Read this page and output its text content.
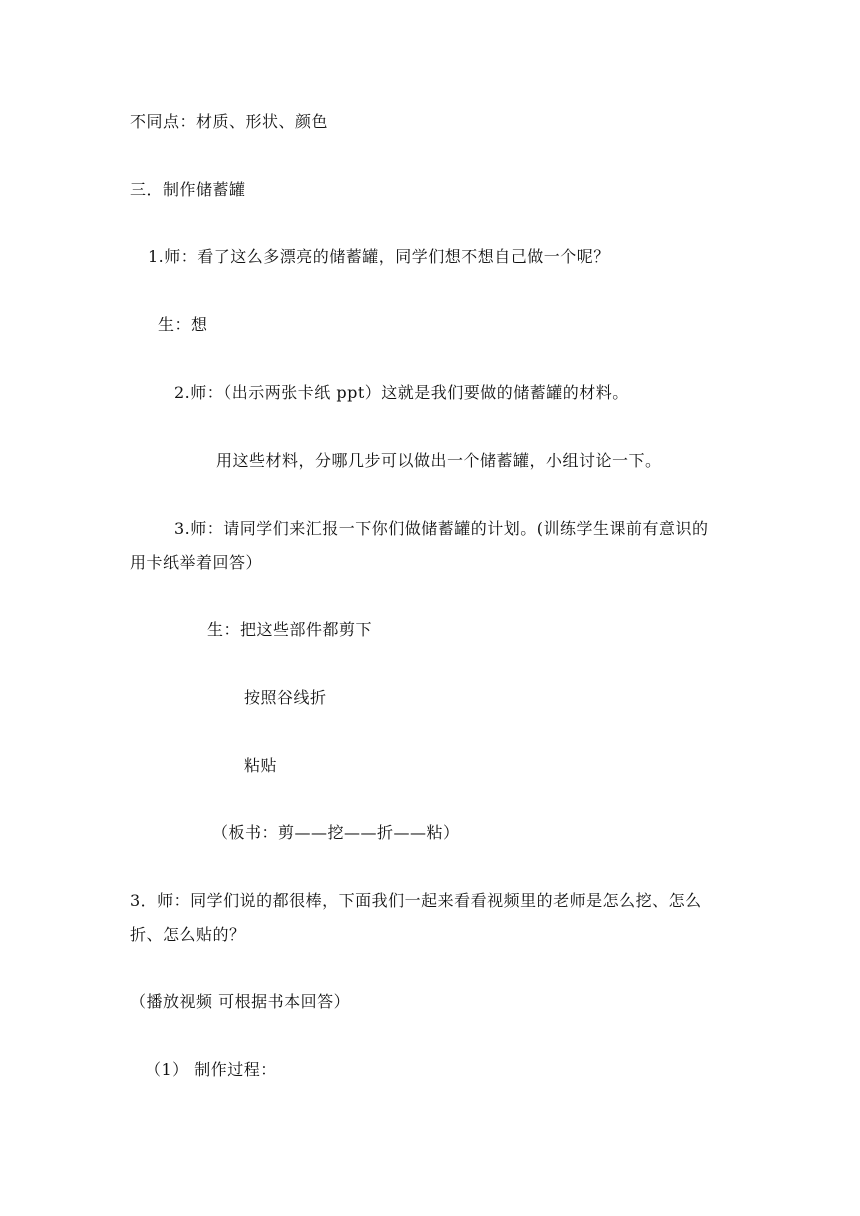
不同点：材质、形状、颜色
三．制作储蓄罐
1.师：看了这么多漂亮的储蓄罐，同学们想不想自己做一个呢？
生：想
2.师：（出示两张卡纸 ppt）这就是我们要做的储蓄罐的材料。
用这些材料，分哪几步可以做出一个储蓄罐，小组讨论一下。
3.师：请同学们来汇报一下你们做储蓄罐的计划。(训练学生课前有意识的
用卡纸举着回答）
生：把这些部件都剪下
按照谷线折
粘贴
（板书：剪——挖——折——粘）
3．师：同学们说的都很棒，下面我们一起来看看视频里的老师是怎么挖、怎么
折、怎么贴的？
（播放视频 可根据书本回答）
（1） 制作过程：
